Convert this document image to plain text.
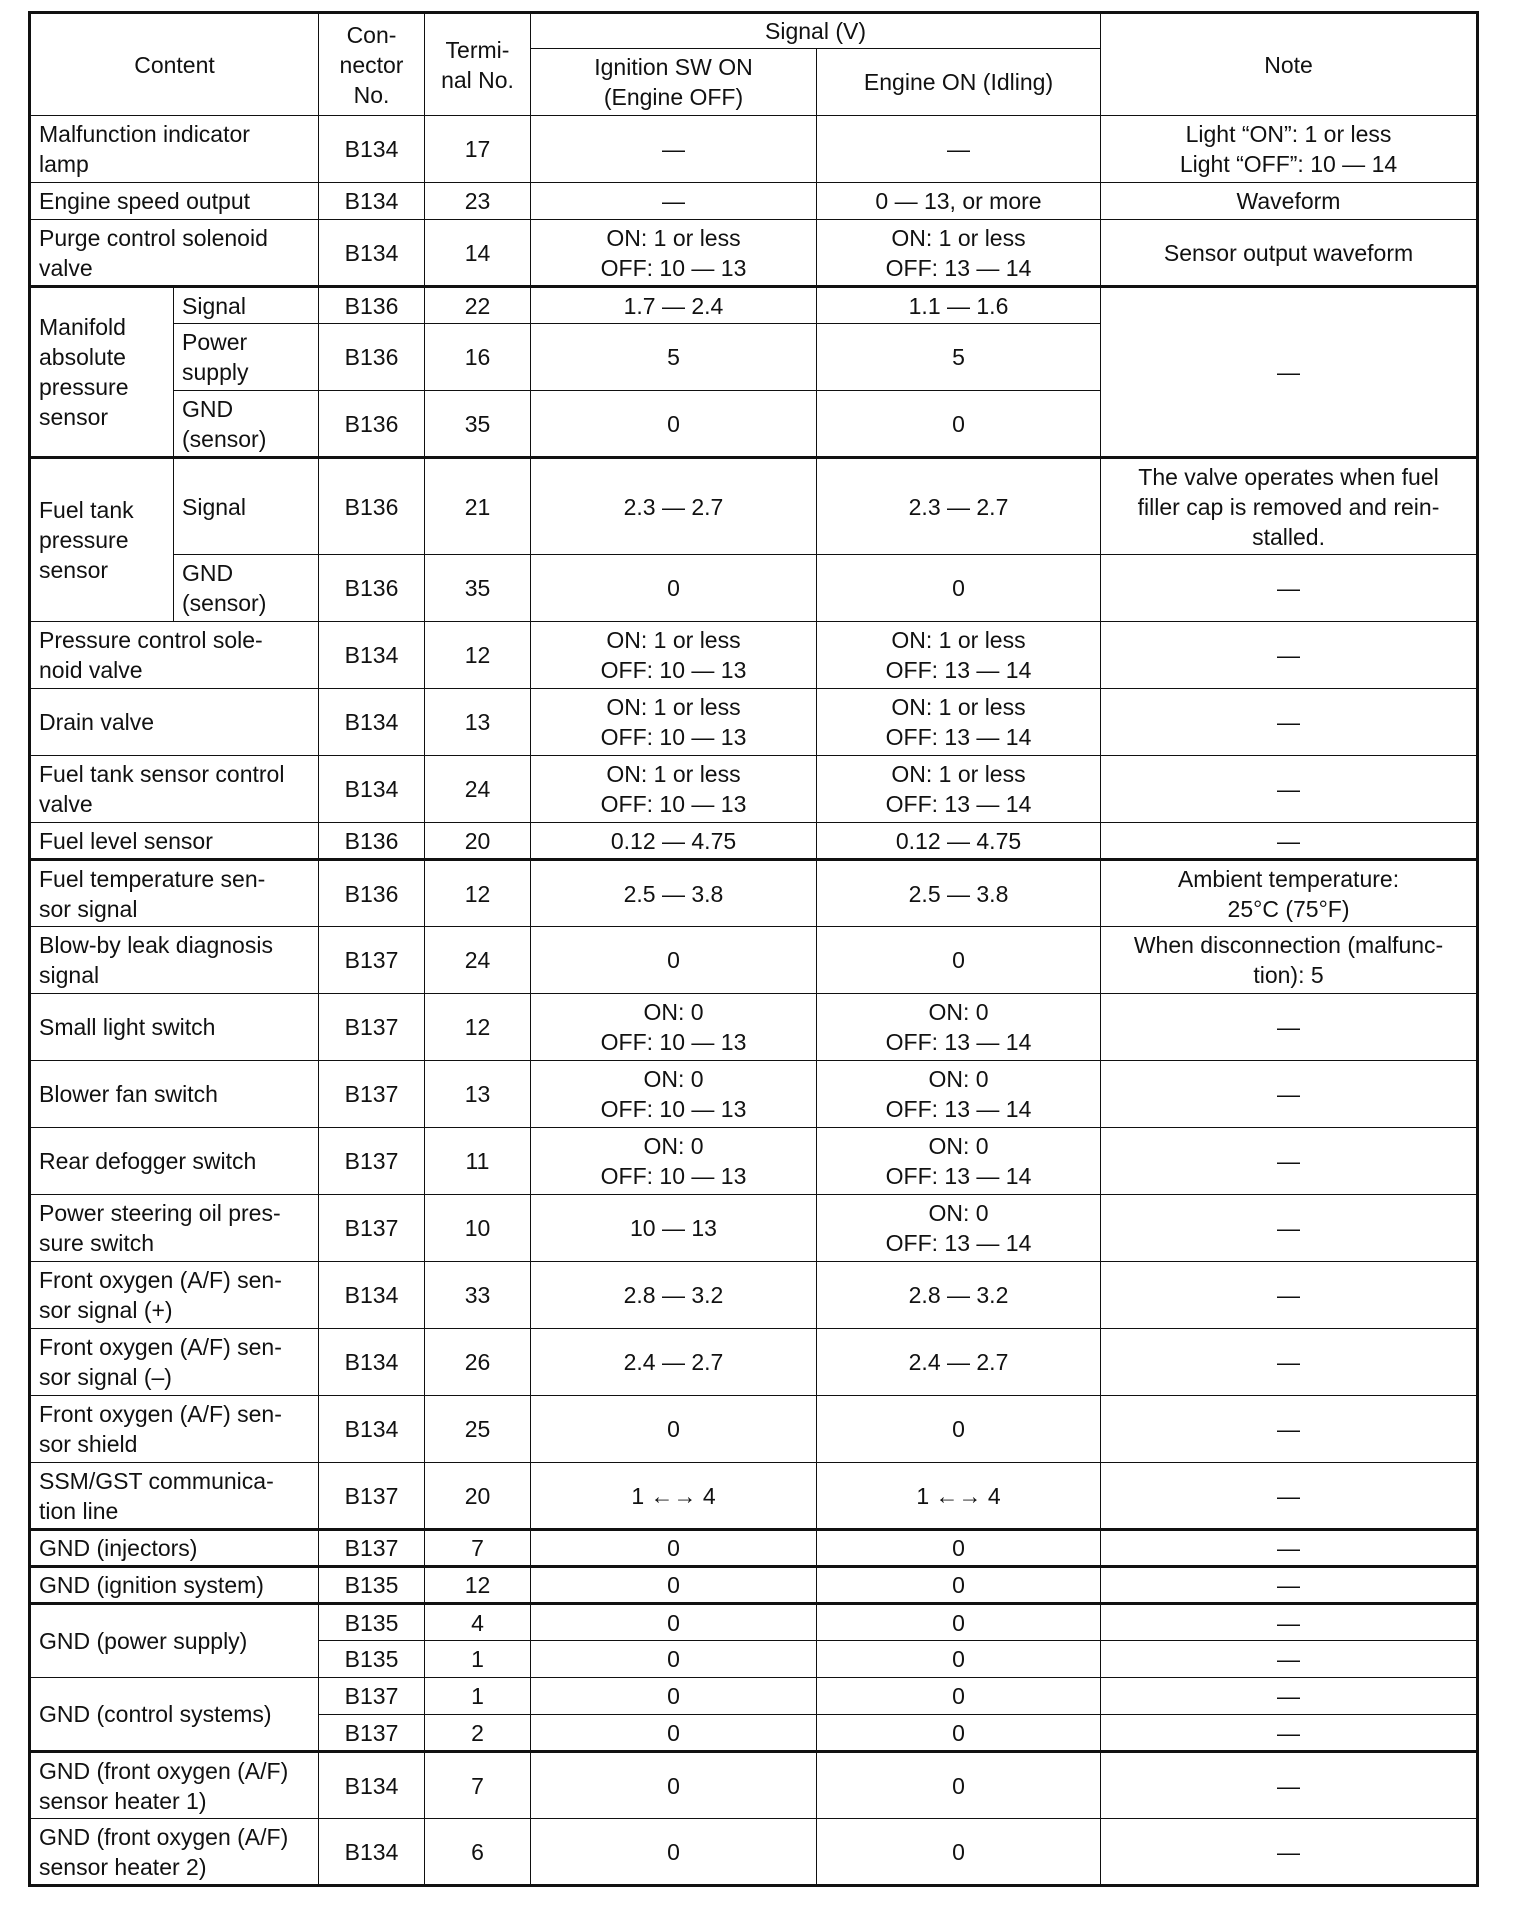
Content		Con-
nector
No.	Termi-
nal No.	Signal (V)		Note
				Ignition SW ON
(Engine OFF)	Engine ON (Idling)	
Malfunction indicator
lamp		B134	17	—	—	Light “ON”: 1 or less
Light “OFF”: 10 — 14
Engine speed output		B134	23	—	0 — 13, or more	Waveform
Purge control solenoid
valve		B134	14	ON: 1 or less
OFF: 10 — 13	ON: 1 or less
OFF: 13 — 14	Sensor output waveform
Manifold
absolute
pressure
sensor	Signal	B136	22	1.7 — 2.4	1.1 — 1.6	—
	Power
supply	B136	16	5	5	
	GND
(sensor)	B136	35	0	0	
Fuel tank
pressure
sensor	Signal	B136	21	2.3 — 2.7	2.3 — 2.7	The valve operates when fuel
filler cap is removed and rein-
stalled.
	GND
(sensor)	B136	35	0	0	—
Pressure control sole-
noid valve		B134	12	ON: 1 or less
OFF: 10 — 13	ON: 1 or less
OFF: 13 — 14	—
Drain valve		B134	13	ON: 1 or less
OFF: 10 — 13	ON: 1 or less
OFF: 13 — 14	—
Fuel tank sensor control
valve		B134	24	ON: 1 or less
OFF: 10 — 13	ON: 1 or less
OFF: 13 — 14	—
Fuel level sensor		B136	20	0.12 — 4.75	0.12 — 4.75	—
Fuel temperature sen-
sor signal		B136	12	2.5 — 3.8	2.5 — 3.8	Ambient temperature:
25°C (75°F)
Blow-by leak diagnosis
signal		B137	24	0	0	When disconnection (malfunc-
tion): 5
Small light switch		B137	12	ON: 0
OFF: 10 — 13	ON: 0
OFF: 13 — 14	—
Blower fan switch		B137	13	ON: 0
OFF: 10 — 13	ON: 0
OFF: 13 — 14	—
Rear defogger switch		B137	11	ON: 0
OFF: 10 — 13	ON: 0
OFF: 13 — 14	—
Power steering oil pres-
sure switch		B137	10	10 — 13	ON: 0
OFF: 13 — 14	—
Front oxygen (A/F) sen-
sor signal (+)		B134	33	2.8 — 3.2	2.8 — 3.2	—
Front oxygen (A/F) sen-
sor signal (–)		B134	26	2.4 — 2.7	2.4 — 2.7	—
Front oxygen (A/F) sen-
sor shield		B134	25	0	0	—
SSM/GST communica-
tion line		B137	20	1 ←→ 4	1 ←→ 4	—
GND (injectors)		B137	7	0	0	—
GND (ignition system)		B135	12	0	0	—
GND (power supply)		B135	4	0	0	—
		B135	1	0	0	—
GND (control systems)		B137	1	0	0	—
		B137	2	0	0	—
GND (front oxygen (A/F)
sensor heater 1)		B134	7	0	0	—
GND (front oxygen (A/F)
sensor heater 2)		B134	6	0	0	—
